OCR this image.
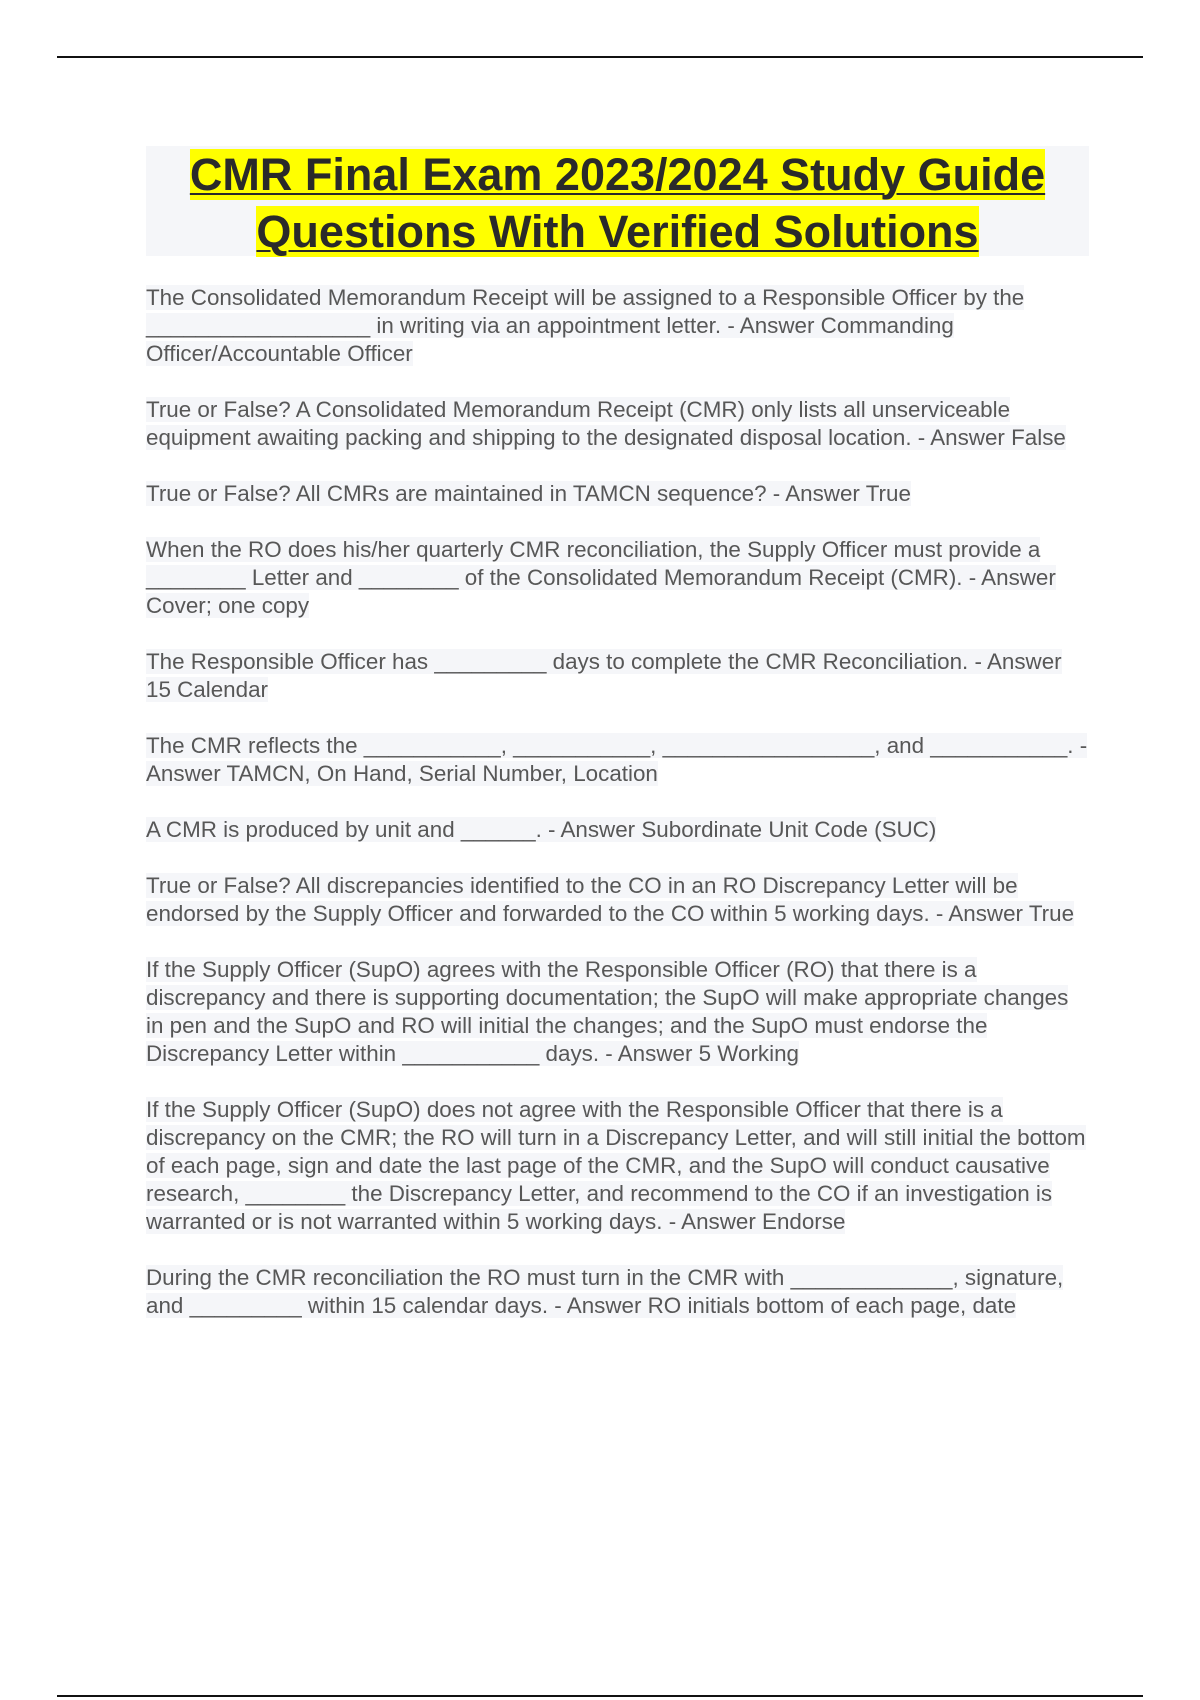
CMR Final Exam 2023/2024 Study Guide
Questions With Verified Solutions
The Consolidated Memorandum Receipt will be assigned to a Responsible Officer by the __________________ in writing via an appointment letter. - Answer Commanding Officer/Accountable Officer
True or False? A Consolidated Memorandum Receipt (CMR) only lists all unserviceable equipment awaiting packing and shipping to the designated disposal location. - Answer False
True or False? All CMRs are maintained in TAMCN sequence? - Answer True
When the RO does his/her quarterly CMR reconciliation, the Supply Officer must provide a ________ Letter and ________ of the Consolidated Memorandum Receipt (CMR). - Answer Cover; one copy
The Responsible Officer has _________ days to complete the CMR Reconciliation. - Answer 15 Calendar
The CMR reflects the ___________, ___________, _________________, and ___________. - Answer TAMCN, On Hand, Serial Number, Location
A CMR is produced by unit and ______. - Answer Subordinate Unit Code (SUC)
True or False? All discrepancies identified to the CO in an RO Discrepancy Letter will be endorsed by the Supply Officer and forwarded to the CO within 5 working days. - Answer True
If the Supply Officer (SupO) agrees with the Responsible Officer (RO) that there is a discrepancy and there is supporting documentation; the SupO will make appropriate changes in pen and the SupO and RO will initial the changes; and the SupO must endorse the Discrepancy Letter within ___________ days. - Answer 5 Working
If the Supply Officer (SupO) does not agree with the Responsible Officer that there is a discrepancy on the CMR; the RO will turn in a Discrepancy Letter, and will still initial the bottom of each page, sign and date the last page of the CMR, and the SupO will conduct causative research, ________ the Discrepancy Letter, and recommend to the CO if an investigation is warranted or is not warranted within 5 working days. - Answer Endorse
During the CMR reconciliation the RO must turn in the CMR with _____________, signature, and _________ within 15 calendar days. - Answer RO initials bottom of each page, date
